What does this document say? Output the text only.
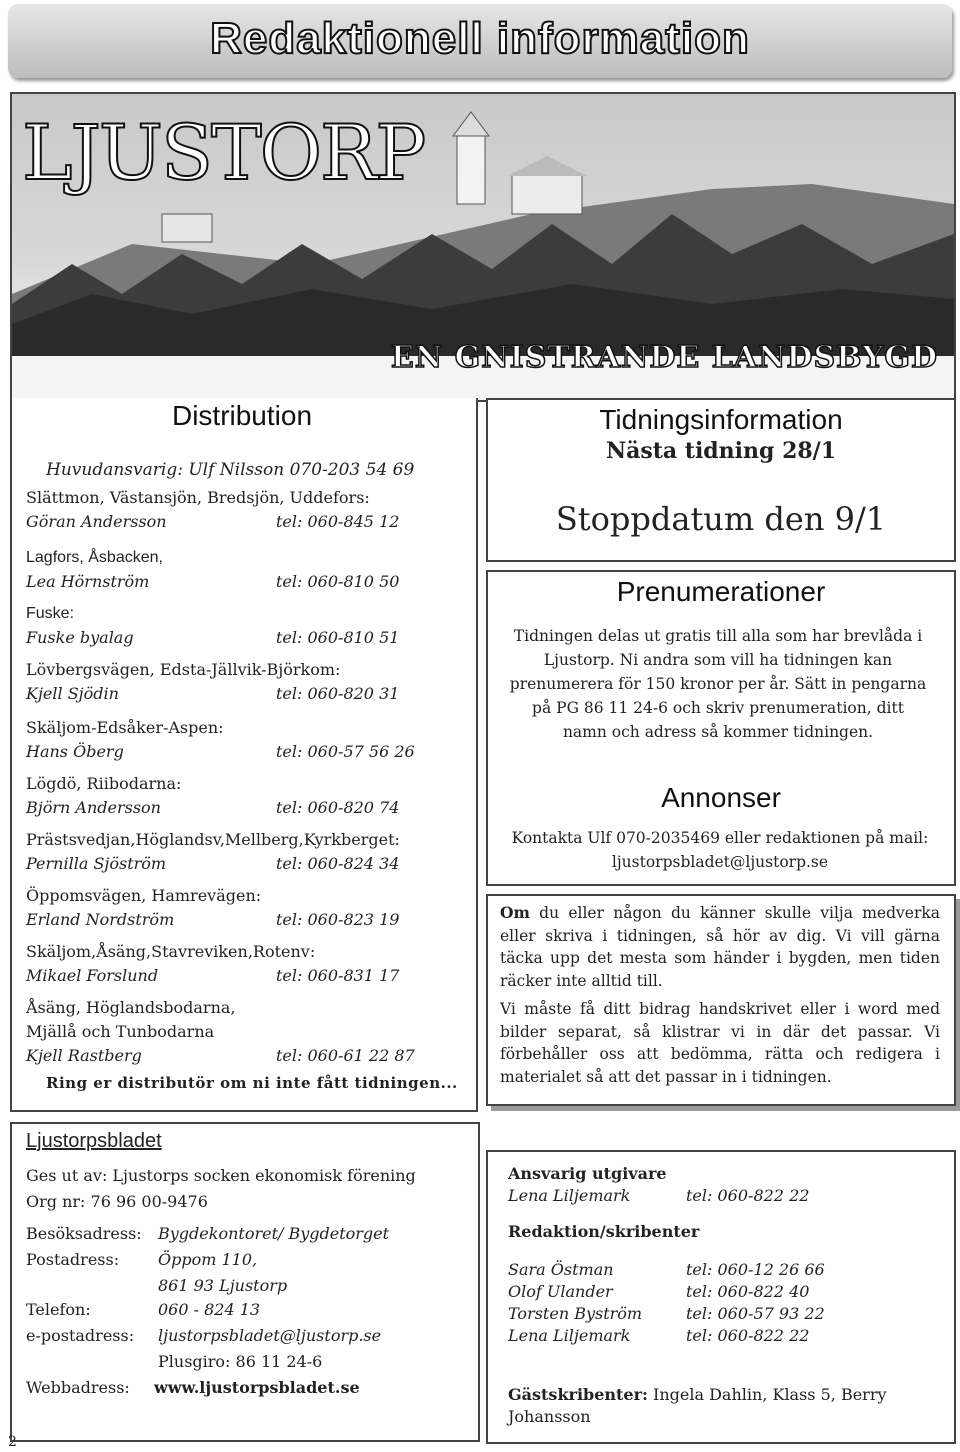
Redaktionell information
LJUSTORP
EN GNISTRANDE LANDSBYGD
Distribution
Huvudansvarig: Ulf Nilsson 070-203 54 69
Slättmon, Västansjön, Bredsjön, Uddefors:
Göran Andersson	tel: 060-845 12
Lagfors, Åsbacken,
Lea Hörnström	tel: 060-810 50
Fuske:
Fuske byalag	tel: 060-810 51
Lövbergsvägen, Edsta-Jällvik-Björkom:
Kjell Sjödin	tel: 060-820 31
Skäljom-Edsåker-Aspen:
Hans Öberg	tel: 060-57 56 26
Lögdö, Riibodarna:
Björn Andersson	tel: 060-820 74
Prästsvedjan,Höglandsv,Mellberg,Kyrkberget:
Pernilla Sjöström	tel: 060-824 34
Öppomsvägen, Hamrevägen:
Erland Nordström	tel: 060-823 19
Skäljom,Åsäng,Stavreviken,Rotenv:
Mikael Forslund	tel: 060-831 17
Åsäng, Höglandsbodarna,
Mjällå och Tunbodarna
Kjell Rastberg	tel: 060-61 22 87
Ring er distributör om ni inte fått tidningen...
Tidningsinformation
Nästa tidning 28/1
Stoppdatum den 9/1
Prenumerationer
Tidningen delas ut gratis till alla som har brevlåda i Ljustorp. Ni andra som vill ha tidningen kan prenumerera för 150 kronor per år. Sätt in pengarna på PG 86 11 24-6 och skriv prenumeration, ditt namn och adress så kommer tidningen.
Annonser
Kontakta Ulf 070-2035469 eller redaktionen på mail: ljustorpsbladet@ljustorp.se

Om du eller någon du känner skulle vilja medverka eller skriva i tidningen, så hör av dig. Vi vill gärna täcka upp det mesta som händer i bygden, men tiden räcker inte alltid till.

Vi måste få ditt bidrag handskrivet eller i word med bilder separat, så klistrar vi in där det passar. Vi förbehåller oss att bedömma, rätta och redigera i materialet så att det passar in i tidningen.

Ljustorpsbladet
Ges ut av: Ljustorps socken ekonomisk förening
Org nr: 76 96 00-9476
Besöksadress: Bygdekontoret/ Bygdetorget
Postadress: Öppom 110,
861 93 Ljustorp
Telefon:	060 - 824 13
e-postadress: ljustorpsbladet@ljustorp.se
Plusgiro: 86 11 24-6
Webbadress: www.ljustorpsbladet.se
Ansvarig utgivare
Lena Liljemark	tel: 060-822 22
Redaktion/skribenter
Sara Östman	tel: 060-12 26 66
Olof Ulander	tel: 060-822 40
Torsten Byström	tel: 060-57 93 22
Lena Liljemark	tel: 060-822 22
Gästskribenter: Ingela Dahlin, Klass 5, Berry Johansson
2
